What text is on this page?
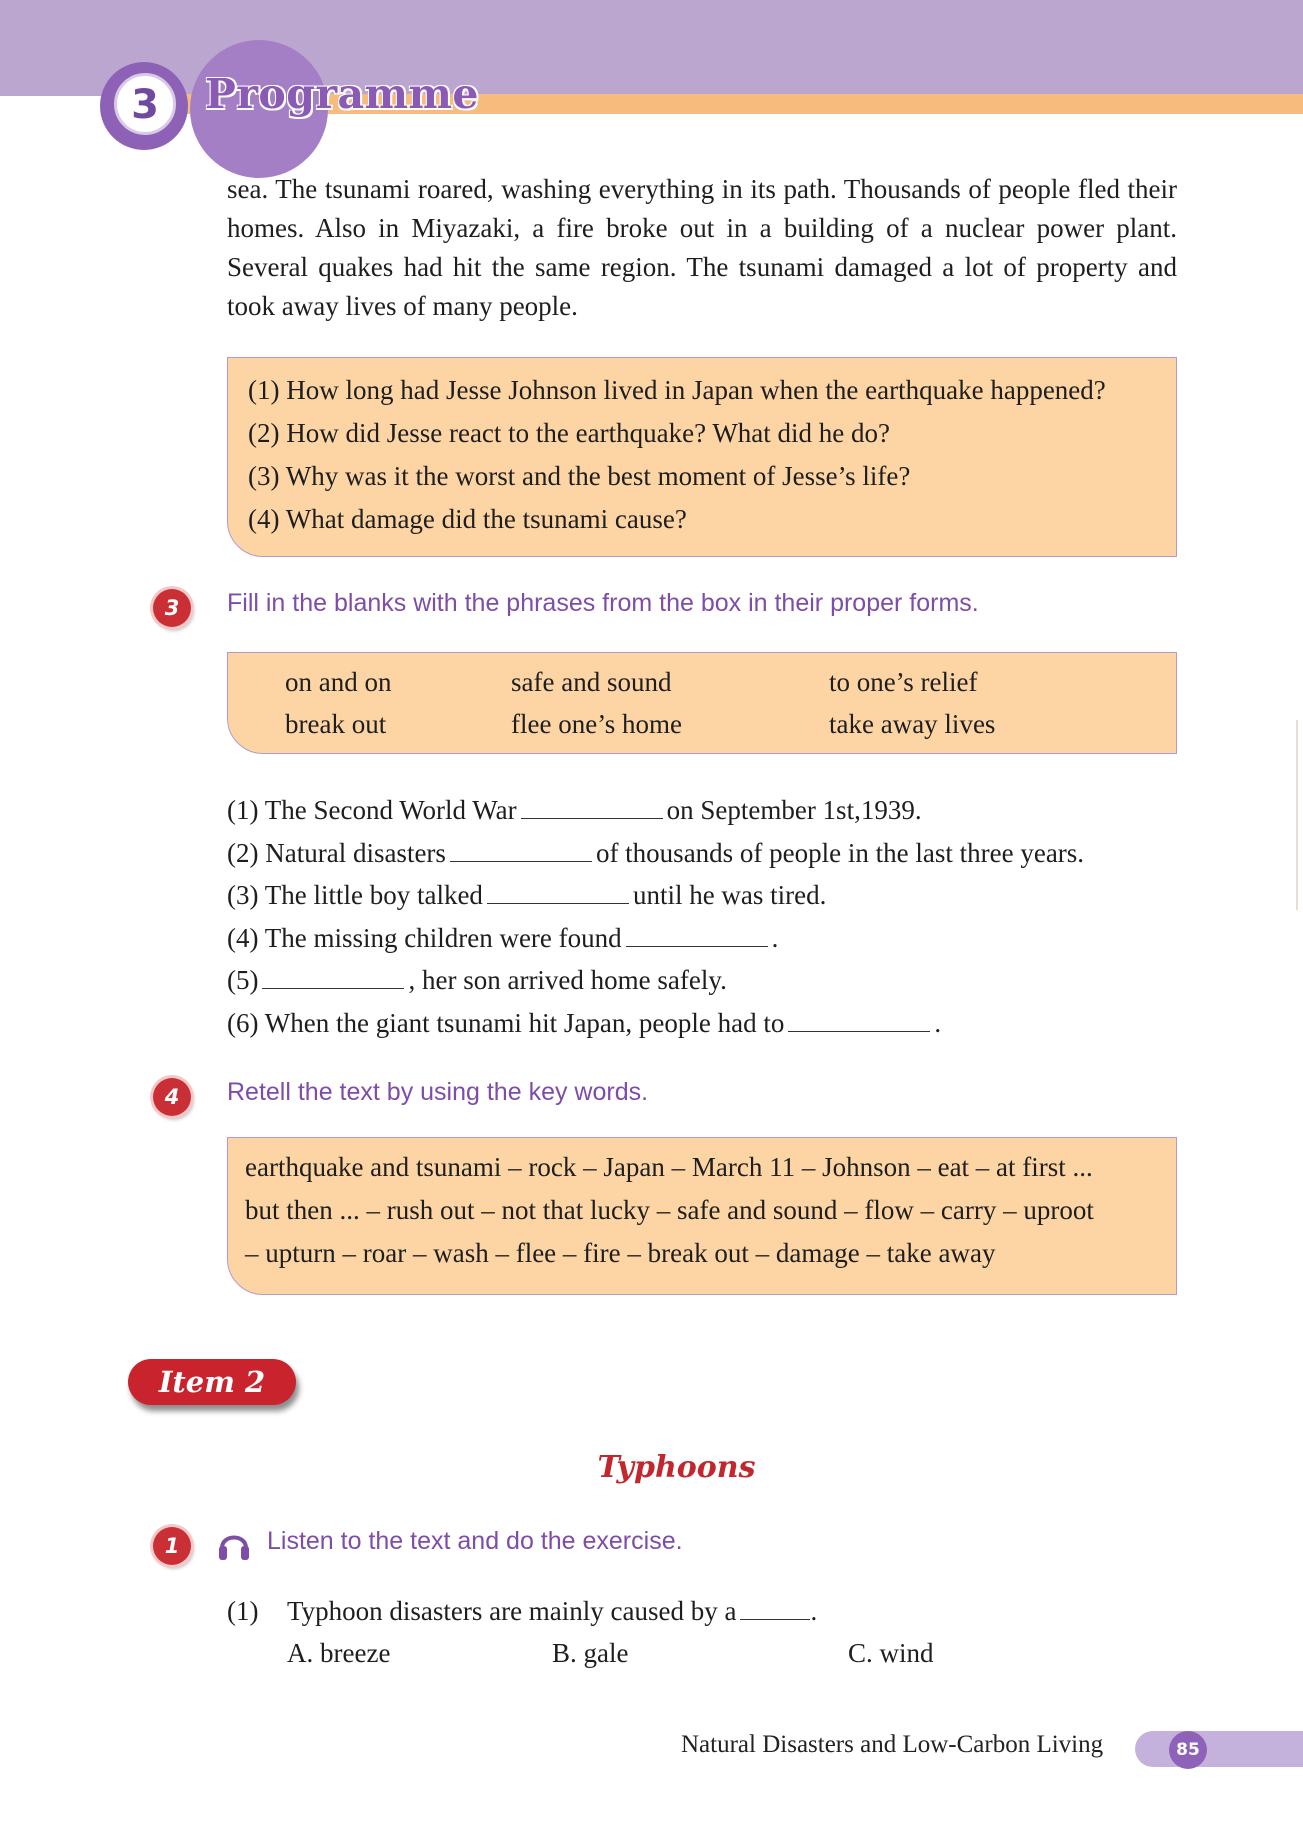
3	Programme

sea. The tsunami roared, washing everything in its path. Thousands of people fled their homes. Also in Miyazaki, a fire broke out in a building of a nuclear power plant. Several quakes had hit the same region. The tsunami damaged a lot of property and took away lives of many people.

(1) How long had Jesse Johnson lived in Japan when the earthquake happened?
(2) How did Jesse react to the earthquake? What did he do?
(3) Why was it the worst and the best moment of Jesse’s life?
(4) What damage did the tsunami cause?
3	Fill in the blanks with the phrases from the box in their proper forms.
on and on	safe and sound	to one’s relief
break out	flee one’s home	take away lives
(1) The Second World War	on September 1st,1939.
(2) Natural disasters	of thousands of people in the last three years.
(3) The little boy talked	until he was tired.
(4) The missing children were found	.
(5)	, her son arrived home safely.
(6) When the giant tsunami hit Japan, people had to	.
4	Retell the text by using the key words.
earthquake and tsunami – rock – Japan – March 11 – Johnson – eat – at first ...
but then ... – rush out – not that lucky – safe and sound – flow – carry – uproot
– upturn – roar – wash – flee – fire – break out – damage – take away
Item 2
Typhoons
1	Listen to the text and do the exercise.
(1) Typhoon disasters are mainly caused by a	.
A. breeze	B. gale	C. wind
Natural Disasters and Low-Carbon Living	85
